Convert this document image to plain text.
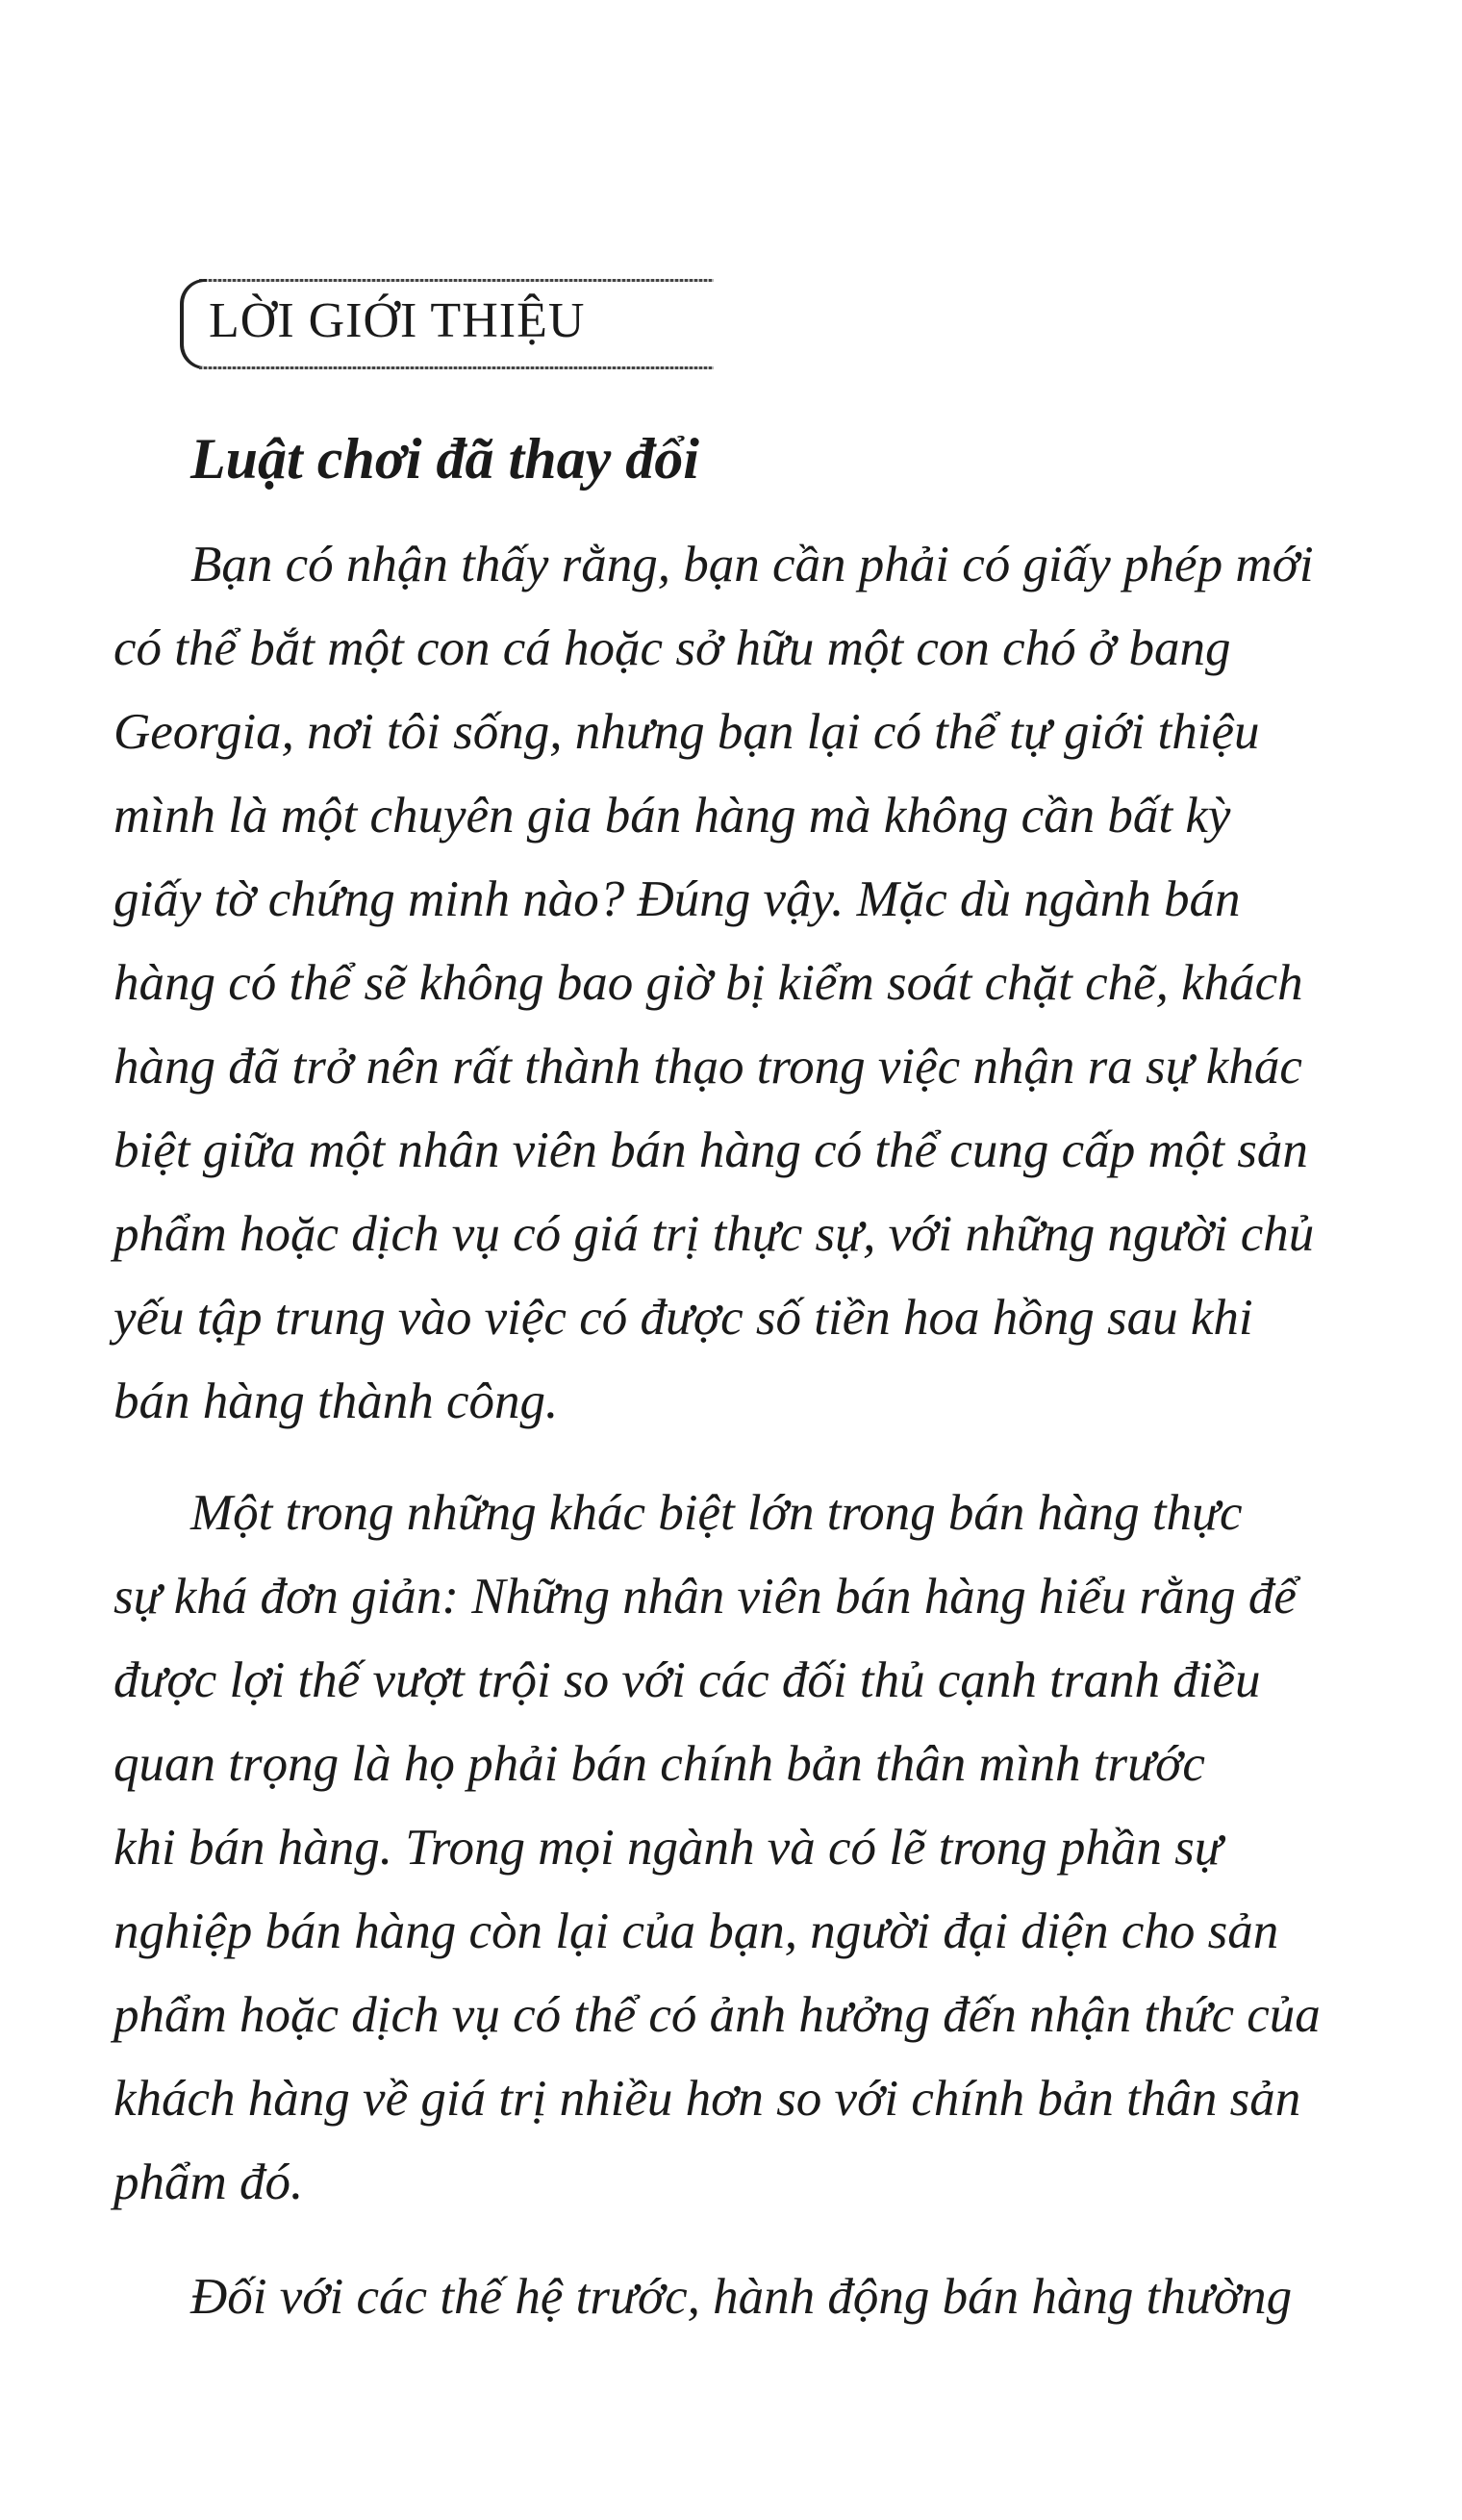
LỜI GIỚI THIỆU
Luật chơi đã thay đổi
Bạn có nhận thấy rằng, bạn cần phải có giấy phép mới
có thể bắt một con cá hoặc sở hữu một con chó ở bang
Georgia, nơi tôi sống, nhưng bạn lại có thể tự giới thiệu
mình là một chuyên gia bán hàng mà không cần bất kỳ
giấy tờ chứng minh nào? Đúng vậy. Mặc dù ngành bán
hàng có thể sẽ không bao giờ bị kiểm soát chặt chẽ, khách
hàng đã trở nên rất thành thạo trong việc nhận ra sự khác
biệt giữa một nhân viên bán hàng có thể cung cấp một sản
phẩm hoặc dịch vụ có giá trị thực sự, với những người chủ
yếu tập trung vào việc có được số tiền hoa hồng sau khi
bán hàng thành công.
Một trong những khác biệt lớn trong bán hàng thực
sự khá đơn giản: Những nhân viên bán hàng hiểu rằng để
được lợi thế vượt trội so với các đối thủ cạnh tranh điều
quan trọng là họ phải bán chính bản thân mình trước
khi bán hàng. Trong mọi ngành và có lẽ trong phần sự
nghiệp bán hàng còn lại của bạn, người đại diện cho sản
phẩm hoặc dịch vụ có thể có ảnh hưởng đến nhận thức của
khách hàng về giá trị nhiều hơn so với chính bản thân sản
phẩm đó.
Đối với các thế hệ trước, hành động bán hàng thường
